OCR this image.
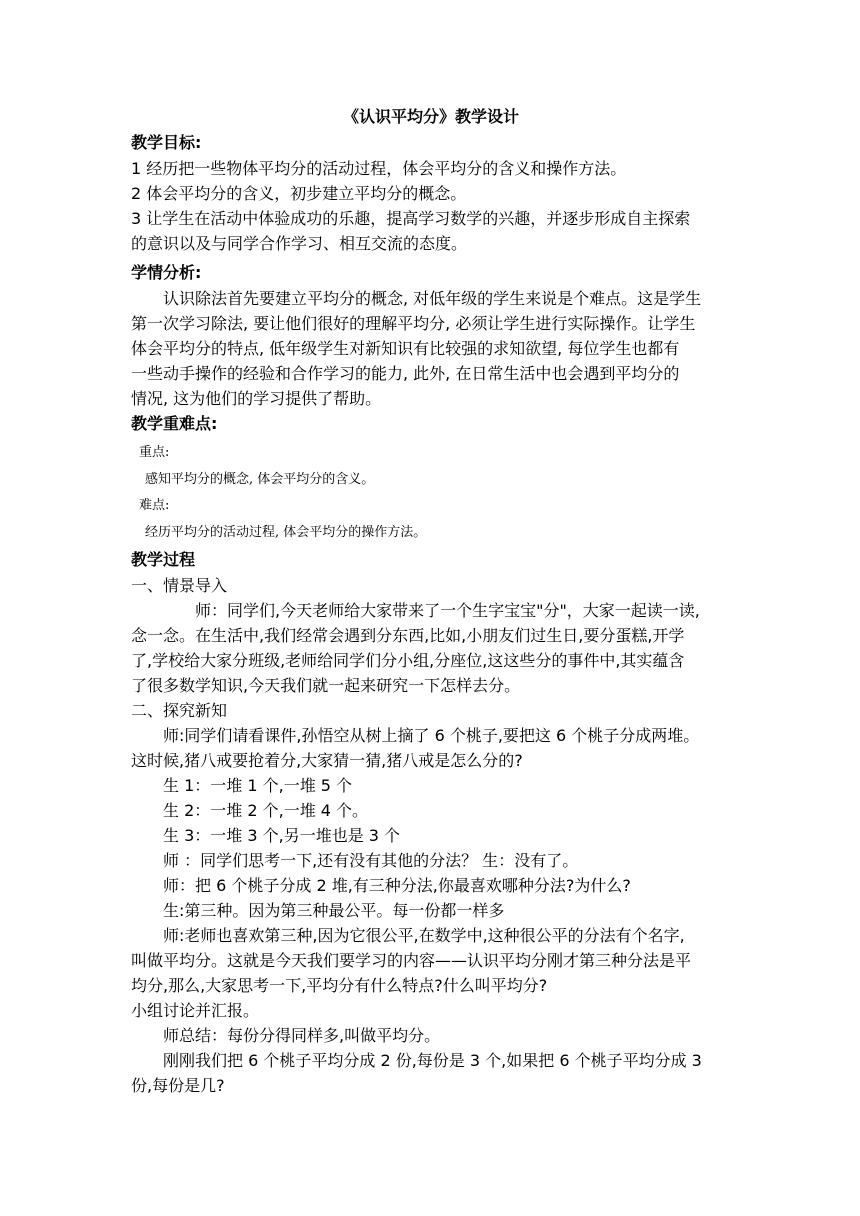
《认识平均分》教学设计
教学目标:
1 经历把一些物体平均分的活动过程，体会平均分的含义和操作方法。
2 体会平均分的含义，初步建立平均分的概念。
3 让学生在活动中体验成功的乐趣，提高学习数学的兴趣，并逐步形成自主探索
的意识以及与同学合作学习、相互交流的态度。
学情分析:
认识除法首先要建立平均分的概念, 对低年级的学生来说是个难点。这是学生
第一次学习除法, 要让他们很好的理解平均分, 必须让学生进行实际操作。让学生
体会平均分的特点, 低年级学生对新知识有比较强的求知欲望, 每位学生也都有
一些动手操作的经验和合作学习的能力, 此外, 在日常生活中也会遇到平均分的
情况, 这为他们的学习提供了帮助。
教学重难点:
重点:
感知平均分的概念, 体会平均分的含义。
难点:
经历平均分的活动过程, 体会平均分的操作方法。
教学过程
一、情景导入
师：同学们,今天老师给大家带来了一个生字宝宝"分"，大家一起读一读,
念一念。在生活中,我们经常会遇到分东西,比如,小朋友们过生日,要分蛋糕,开学
了,学校给大家分班级,老师给同学们分小组,分座位,这这些分的事件中,其实蕴含
了很多数学知识,今天我们就一起来研究一下怎样去分。
二、探究新知
师:同学们请看课件,孙悟空从树上摘了 6 个桃子,要把这 6 个桃子分成两堆。
这时候,猪八戒要抢着分,大家猜一猜,猪八戒是怎么分的?
生 1：一堆 1 个,一堆 5 个
生 2：一堆 2 个,一堆 4 个。
生 3：一堆 3 个,另一堆也是 3 个
师 ：同学们思考一下,还有没有其他的分法？ 生：没有了。
师：把 6 个桃子分成 2 堆,有三种分法,你最喜欢哪种分法?为什么?
生:第三种。因为第三种最公平。每一份都一样多
师:老师也喜欢第三种,因为它很公平,在数学中,这种很公平的分法有个名字,
叫做平均分。这就是今天我们要学习的内容——认识平均分刚才第三种分法是平
均分,那么,大家思考一下,平均分有什么特点?什么叫平均分?
小组讨论并汇报。
师总结：每份分得同样多,叫做平均分。
刚刚我们把 6 个桃子平均分成 2 份,每份是 3 个,如果把 6 个桃子平均分成 3
份,每份是几?
